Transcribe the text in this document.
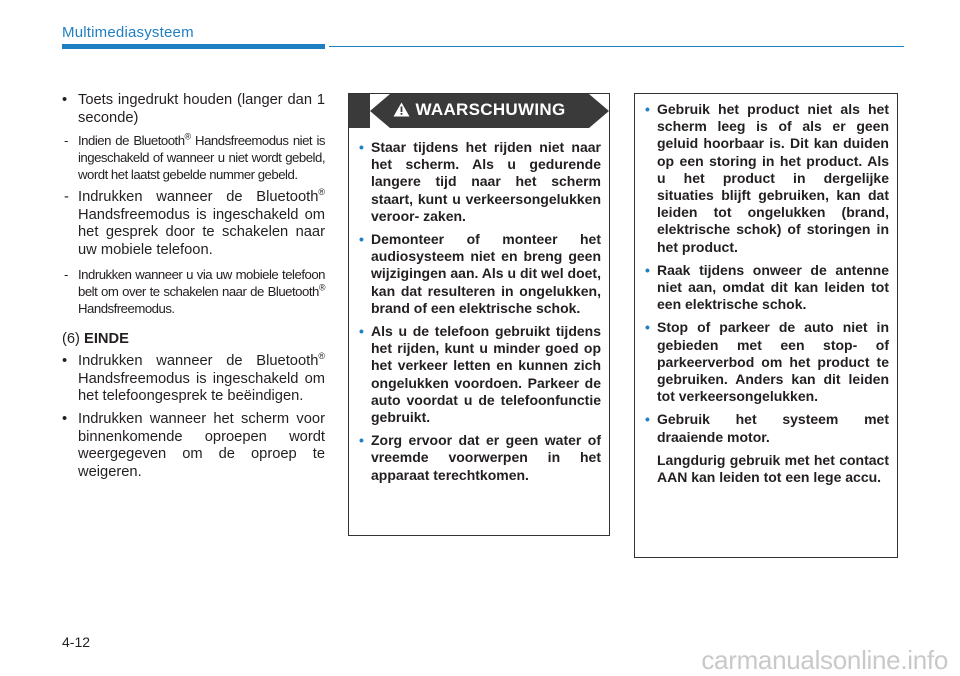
Multimediasysteem
• Toets ingedrukt houden (langer dan 1 seconde)
- Indien de Bluetooth® Handsfreemodus niet is ingeschakeld of wanneer u niet wordt gebeld, wordt het laatst gebelde nummer gebeld.
- Indrukken wanneer de Bluetooth® Handsfreemodus is ingeschakeld om het gesprek door te schakelen naar uw mobiele telefoon.
- Indrukken wanneer u via uw mobiele telefoon belt om over te schakelen naar de Bluetooth® Handsfreemodus.
(6) EINDE
• Indrukken wanneer de Bluetooth® Handsfreemodus is ingeschakeld om het telefoongesprek te beëindigen.
• Indrukken wanneer het scherm voor binnenkomende oproepen wordt weergegeven om de oproep te weigeren.
WAARSCHUWING
• Staar tijdens het rijden niet naar het scherm. Als u gedurende langere tijd naar het scherm staart, kunt u verkeersongelukken veroor- zaken.
• Demonteer of monteer het audiosysteem niet en breng geen wijzigingen aan. Als u dit wel doet, kan dat resulteren in ongelukken, brand of een elektrische schok.
• Als u de telefoon gebruikt tijdens het rijden, kunt u minder goed op het verkeer letten en kunnen zich ongelukken voordoen. Parkeer de auto voordat u de telefoonfunctie gebruikt.
• Zorg ervoor dat er geen water of vreemde voorwerpen in het apparaat terechtkomen.
• Gebruik het product niet als het scherm leeg is of als er geen geluid hoorbaar is. Dit kan duiden op een storing in het product. Als u het product in dergelijke situaties blijft gebruiken, kan dat leiden tot ongelukken (brand, elektrische schok) of storingen in het product.
• Raak tijdens onweer de antenne niet aan, omdat dit kan leiden tot een elektrische schok.
• Stop of parkeer de auto niet in gebieden met een stop- of parkeerverbod om het product te gebruiken. Anders kan dit leiden tot verkeersongelukken.
• Gebruik het systeem met draaiende motor.
Langdurig gebruik met het contact AAN kan leiden tot een lege accu.
4-12
carmanualsonline.info
